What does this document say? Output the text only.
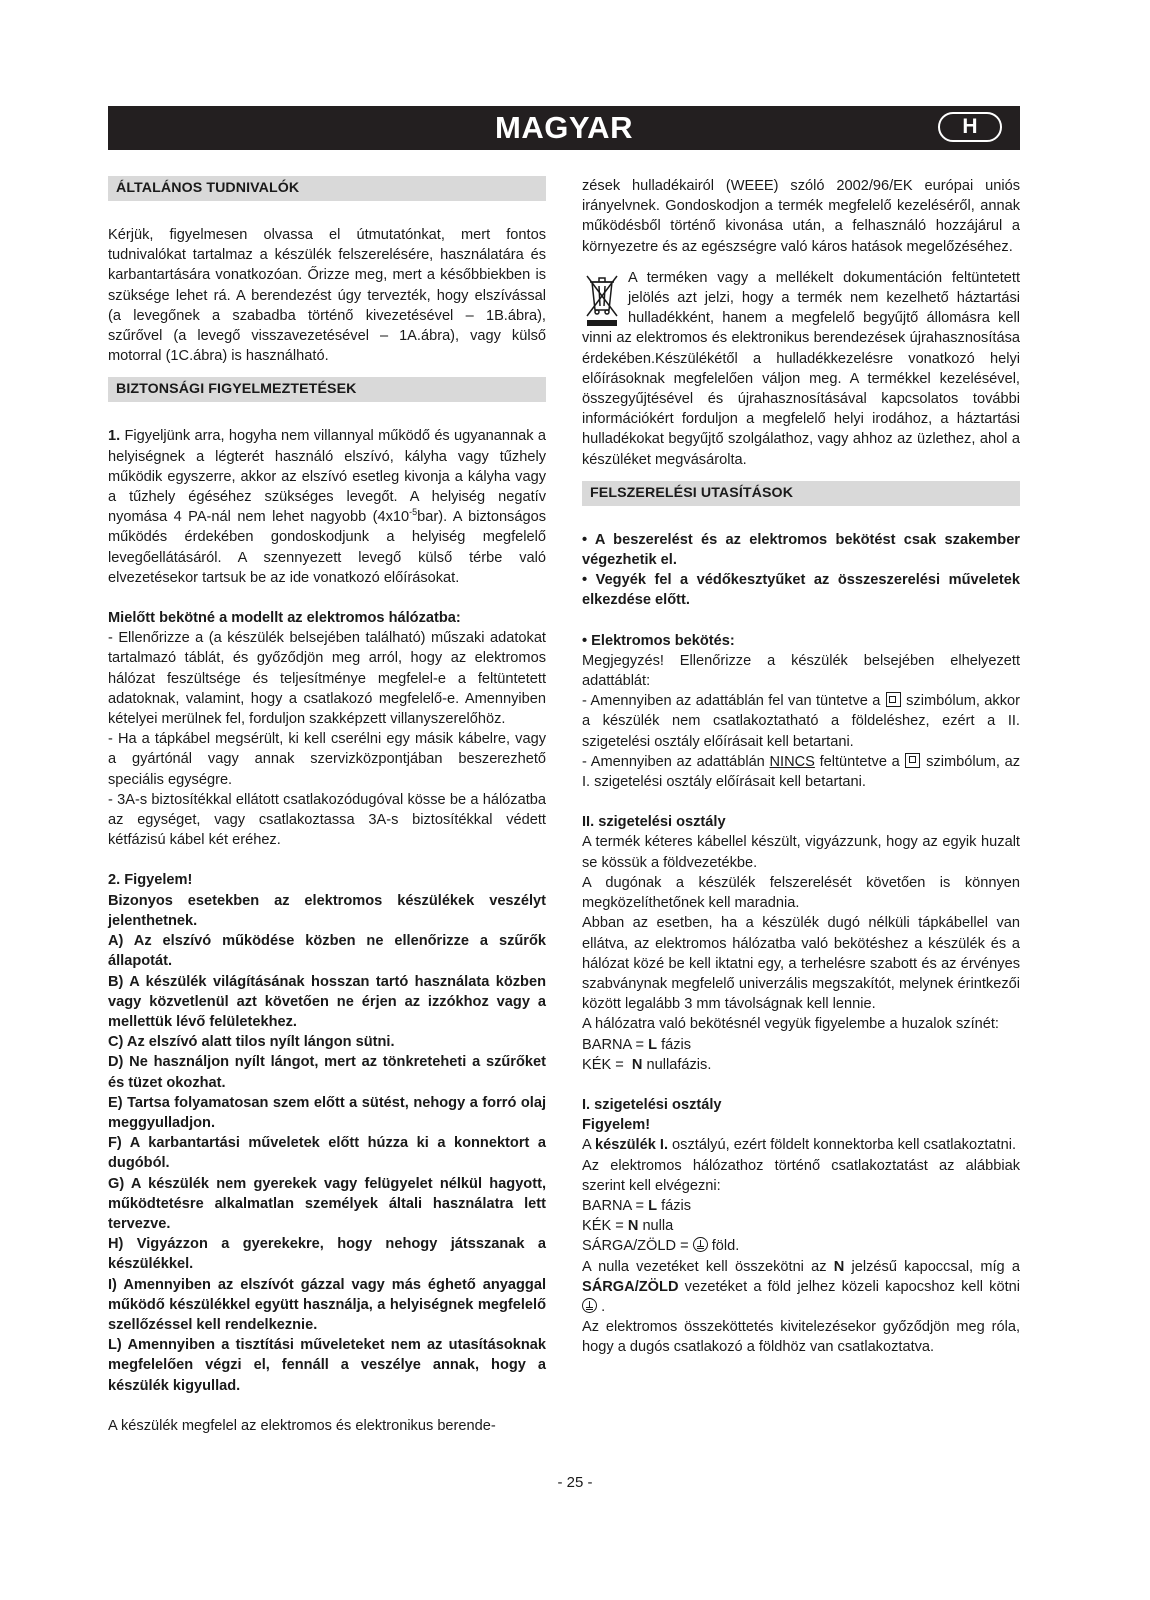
MAGYAR	H
ÁLTALÁNOS TUDNIVALÓK

Kérjük, figyelmesen olvassa el útmutatónkat, mert fontos tudnivalókat tartalmaz a készülék felszerelésére, használatára és karbantartására vonatkozóan. Őrizze meg, mert a későbbiekben is szüksége lehet rá. A berendezést úgy tervezték, hogy elszívással (a levegőnek a szabadba történő kivezetésével – 1B.ábra), szűrővel (a levegő visszavezetésével – 1A.ábra), vagy külső motorral (1C.ábra) is használható.

BIZTONSÁGI FIGYELMEZTETÉSEK

1. Figyeljünk arra, hogyha nem villannyal működő és ugyanannak a helyiségnek a légterét használó elszívó, kályha vagy tűzhely működik egyszerre, akkor az elszívó esetleg kivonja a kályha vagy a tűzhely égéséhez szükséges levegőt. A helyiség negatív nyomása 4 PA-nál nem lehet nagyobb $(4x10^{-5}bar)$. A biztonságos működés érdekében gondoskodjunk a helyiség megfelelő levegőellátásáról. A szennyezett levegő külső térbe való elvezetésekor tartsuk be az ide vonatkozó előírásokat.

Mielőtt bekötné a modellt az elektromos hálózatba:

- Ellenőrizze a (a készülék belsejében található) műszaki adatokat tartalmazó táblát, és győződjön meg arról, hogy az elektromos hálózat feszültsége és teljesítménye megfelel-e a feltüntetett adatoknak, valamint, hogy a csatlakozó megfelelő-e. Amennyiben kételyei merülnek fel, forduljon szakképzett villanyszerelőhöz.

- Ha a tápkábel megsérült, ki kell cserélni egy másik kábelre, vagy a gyártónál vagy annak szervizközpontjában beszerezhető speciális egységre.

- 3A-s biztosítékkal ellátott csatlakozódugóval kösse be a hálózatba az egységet, vagy csatlakoztassa 3A-s biztosítékkal védett kétfázisú kábel két eréhez.

2. Figyelem!

Bizonyos esetekben az elektromos készülékek veszélyt jelenthetnek.

A) Az elszívó működése közben ne ellenőrizze a szűrők állapotát.

B) A készülék világításának hosszan tartó használata közben vagy közvetlenül azt követően ne érjen az izzókhoz vagy a mellettük lévő felületekhez.

C) Az elszívó alatt tilos nyílt lángon sütni.

D) Ne használjon nyílt lángot, mert az tönkreteheti a szűrőket és tüzet okozhat.

E) Tartsa folyamatosan szem előtt a sütést, nehogy a forró olaj meggyulladjon.

F) A karbantartási műveletek előtt húzza ki a konnektort a dugóból.

G) A készülék nem gyerekek vagy felügyelet nélkül hagyott, működtetésre alkalmatlan személyek általi használatra lett tervezve.

H) Vigyázzon a gyerekekre, hogy nehogy játsszanak a készülékkel.

I) Amennyiben az elszívót gázzal vagy más éghető anyaggal működő készülékkel együtt használja, a helyiségnek megfelelő szellőzéssel kell rendelkeznie.

L) Amennyiben a tisztítási műveleteket nem az utasításoknak megfelelően végzi el, fennáll a veszélye annak, hogy a készülék kigyullad.

A készülék megfelel az elektromos és elektronikus berende-

zések hulladékairól (WEEE) szóló 2002/96/EK európai uniós irányelvnek. Gondoskodjon a termék megfelelő kezeléséről, annak működésből történő kivonása után, a felhasználó hozzájárul a környezetre és az egészségre való káros hatások megelőzéséhez.

A terméken vagy a mellékelt dokumentáción feltüntetett jelölés azt jelzi, hogy a termék nem kezelhető háztartási hulladékként, hanem a megfelelő begyűjtő állomásra kell vinni az elektromos és elektronikus berendezések újrahasznosítása érdekében.Készülékétől a hulladékkezelésre vonatkozó helyi előírásoknak megfelelően váljon meg. A termékkel kezelésével, összegyűjtésével és újrahasznosításával kapcsolatos további információkért forduljon a megfelelő helyi irodához, a háztartási hulladékokat begyűjtő szolgálathoz, vagy ahhoz az üzlethez, ahol a készüléket megvásárolta.

FELSZERELÉSI UTASÍTÁSOK

• A beszerelést és az elektromos bekötést csak szakember végezhetik el.

• Vegyék fel a védőkesztyűket az összeszerelési műveletek elkezdése előtt.

• Elektromos bekötés:

Megjegyzés! Ellenőrizze a készülék belsejében elhelyezett adattáblát:

- Amennyiben az adattáblán fel van tüntetve a szimbólum, akkor a készülék nem csatlakoztatható a földeléshez, ezért a II. szigetelési osztály előírásait kell betartani.

- Amennyiben az adattáblán NINCS feltüntetve a szimbólum, az I. szigetelési osztály előírásait kell betartani.

II. szigetelési osztály

A termék kéteres kábellel készült, vigyázzunk, hogy az egyik huzalt se kössük a földvezetékbe.

A dugónak a készülék felszerelését követően is könnyen megközelíthetőnek kell maradnia.

Abban az esetben, ha a készülék dugó nélküli tápkábellel van ellátva, az elektromos hálózatba való bekötéshez a készülék és a hálózat közé be kell iktatni egy, a terhelésre szabott és az érvényes szabványnak megfelelő univerzális megszakítót, melynek érintkezői között legalább 3 mm távolságnak kell lennie.

A hálózatra való bekötésnél vegyük figyelembe a huzalok színét:

BARNA = L fázis

KÉK =  N nullafázis.

I. szigetelési osztály

Figyelem!

A készülék I. osztályú, ezért földelt konnektorba kell csatlakoztatni.

Az elektromos hálózathoz történő csatlakoztatást az alábbiak szerint kell elvégezni:

BARNA = L fázis

KÉK = N nulla

SÁRGA/ZÖLD =  föld.

A nulla vezetéket kell összekötni az N jelzésű kapoccsal, míg a SÁRGA/ZÖLD vezetéket a föld jelhez közeli kapocshoz kell kötni  .

Az elektromos összeköttetés kivitelezésekor győződjön meg róla, hogy a dugós csatlakozó a földhöz van csatlakoztatva.

- 25 -
